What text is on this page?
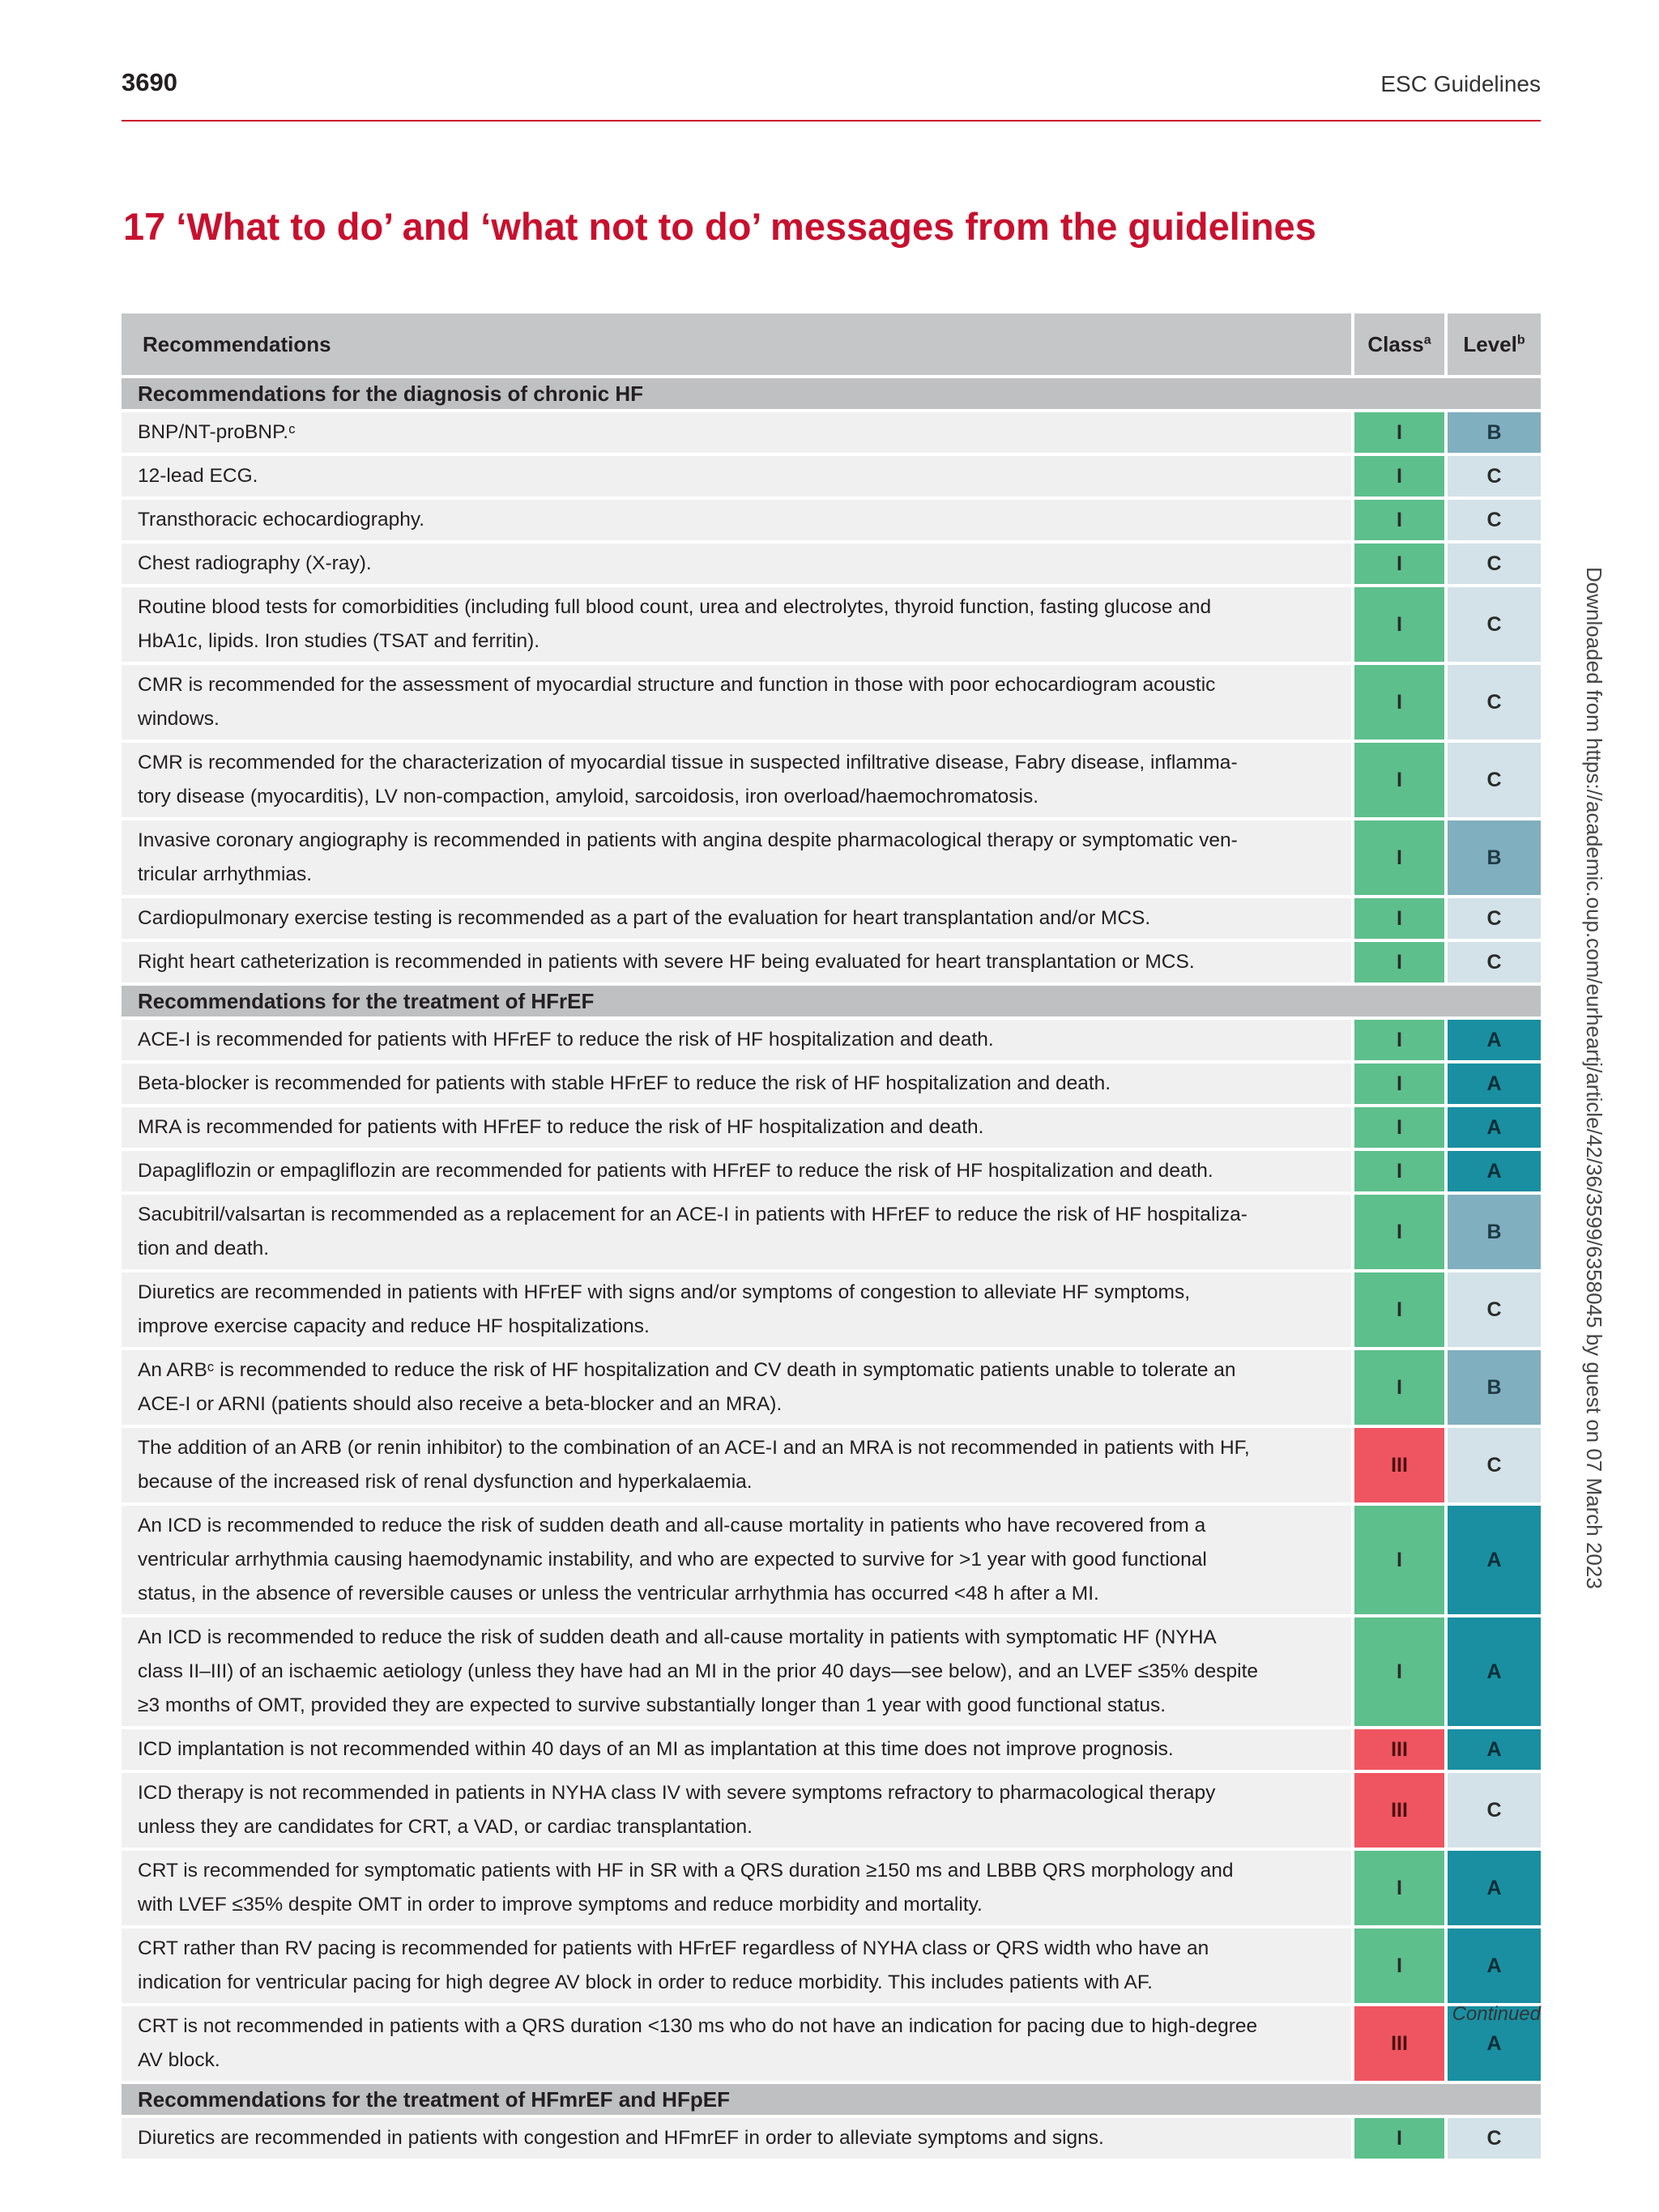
3690	ESC Guidelines
17 ‘What to do’ and ‘what not to do’ messages from the guidelines
Downloaded from https://academic.oup.com/eurheartj/article/42/36/3599/6358045 by guest on 07 March 2023
Recommendations	Class$^a$	Level$^b$
Recommendations for the diagnosis of chronic HF		
BNP/NT-proBNP.ᶜ	I	B
12-lead ECG.	I	C
Transthoracic echocardiography.	I	C
Chest radiography (X-ray).	I	C
Routine blood tests for comorbidities (including full blood count, urea and electrolytes, thyroid function, fasting glucose and HbA1c, lipids. Iron studies (TSAT and ferritin).	I	C
CMR is recommended for the assessment of myocardial structure and function in those with poor echocardiogram acoustic windows.	I	C
CMR is recommended for the characterization of myocardial tissue in suspected infiltrative disease, Fabry disease, inflamma-tory disease (myocarditis), LV non-compaction, amyloid, sarcoidosis, iron overload/haemochromatosis.	I	C
Invasive coronary angiography is recommended in patients with angina despite pharmacological therapy or symptomatic ven-tricular arrhythmias.	I	B
Cardiopulmonary exercise testing is recommended as a part of the evaluation for heart transplantation and/or MCS.	I	C
Right heart catheterization is recommended in patients with severe HF being evaluated for heart transplantation or MCS.	I	C
Recommendations for the treatment of HFrEF		
ACE-I is recommended for patients with HFrEF to reduce the risk of HF hospitalization and death.	I	A
Beta-blocker is recommended for patients with stable HFrEF to reduce the risk of HF hospitalization and death.	I	A
MRA is recommended for patients with HFrEF to reduce the risk of HF hospitalization and death.	I	A
Dapagliflozin or empagliflozin are recommended for patients with HFrEF to reduce the risk of HF hospitalization and death.	I	A
Sacubitril/valsartan is recommended as a replacement for an ACE-I in patients with HFrEF to reduce the risk of HF hospitaliza-tion and death.	I	B
Diuretics are recommended in patients with HFrEF with signs and/or symptoms of congestion to alleviate HF symptoms, improve exercise capacity and reduce HF hospitalizations.	I	C
An ARBᶜ is recommended to reduce the risk of HF hospitalization and CV death in symptomatic patients unable to tolerate an ACE-I or ARNI (patients should also receive a beta-blocker and an MRA).	I	B
The addition of an ARB (or renin inhibitor) to the combination of an ACE-I and an MRA is not recommended in patients with HF, because of the increased risk of renal dysfunction and hyperkalaemia.	III	C
An ICD is recommended to reduce the risk of sudden death and all-cause mortality in patients who have recovered from a ventricular arrhythmia causing haemodynamic instability, and who are expected to survive for >1 year with good functional status, in the absence of reversible causes or unless the ventricular arrhythmia has occurred <48 h after a MI.	I	A
An ICD is recommended to reduce the risk of sudden death and all-cause mortality in patients with symptomatic HF (NYHA class II–III) of an ischaemic aetiology (unless they have had an MI in the prior 40 days—see below), and an LVEF ≤35% despite ≥3 months of OMT, provided they are expected to survive substantially longer than 1 year with good functional status.	I	A
ICD implantation is not recommended within 40 days of an MI as implantation at this time does not improve prognosis.	III	A
ICD therapy is not recommended in patients in NYHA class IV with severe symptoms refractory to pharmacological therapy unless they are candidates for CRT, a VAD, or cardiac transplantation.	III	C
CRT is recommended for symptomatic patients with HF in SR with a QRS duration ≥150 ms and LBBB QRS morphology and with LVEF ≤35% despite OMT in order to improve symptoms and reduce morbidity and mortality.	I	A
CRT rather than RV pacing is recommended for patients with HFrEF regardless of NYHA class or QRS width who have an indication for ventricular pacing for high degree AV block in order to reduce morbidity. This includes patients with AF.	I	A
CRT is not recommended in patients with a QRS duration <130 ms who do not have an indication for pacing due to high-degree AV block.	III	A
Recommendations for the treatment of HFmrEF and HFpEF		
Diuretics are recommended in patients with congestion and HFmrEF in order to alleviate symptoms and signs.	I	C
Continued
